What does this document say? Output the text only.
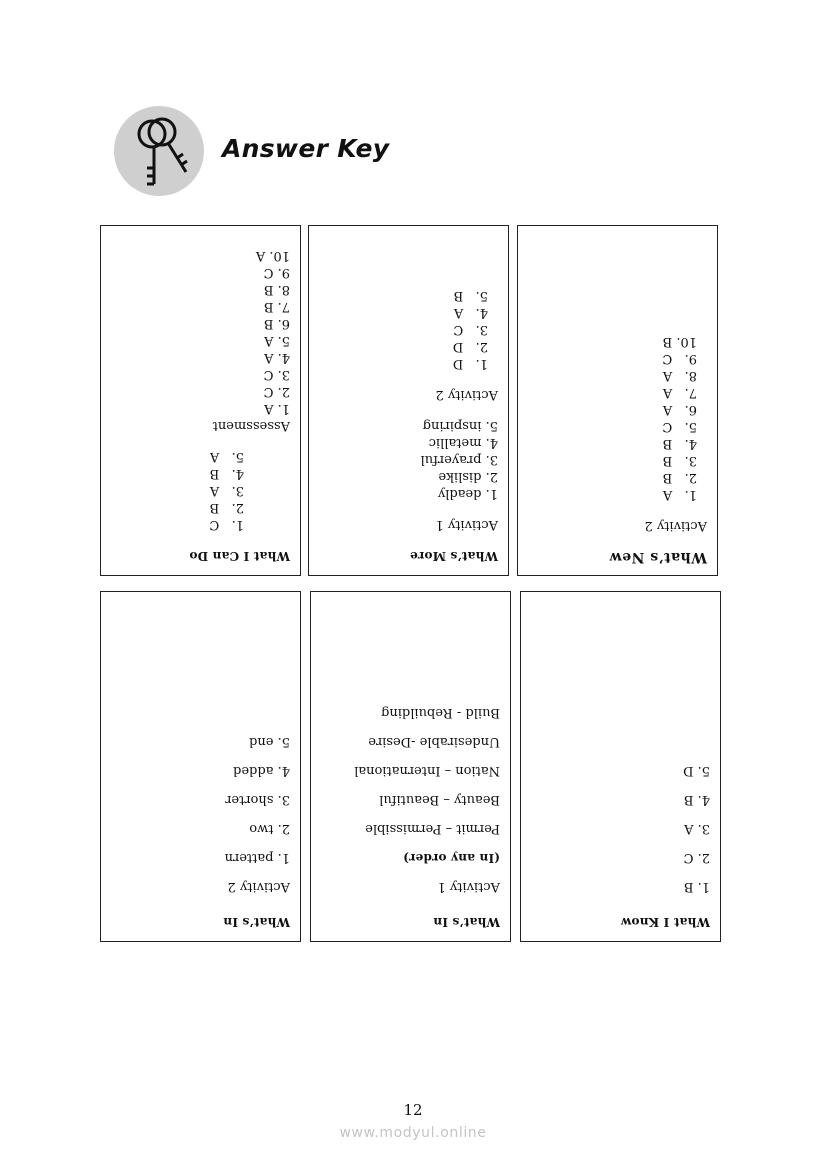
Answer Key
What I Can Do
1.   C
2.   B
3.   A
4.   B
5.   A
Assessment
1. A
2. C
3. C
4. A
5. A
6. B
7. B
8. B
9. C
10. A
What’s More
Activity 1
1. deadly
2. dislike
3. prayerful
4. metallic
5. inspiring
Activity 2
1.   D
2.   D
3.   C
4.   A
5.   B
What’s New
Activity 2
1.   A
2.   B
3.   B
4.   B
5.   C
6.   A
7.   A
8.   A
9.   C
10. B
What’s In
Activity 2
1. pattern
2. two
3. shorter
4. added
5. end
What’s In
Activity 1
(In any order)
Permit – Permissible
Beauty – Beautiful
Nation – International
Undesirable -Desire
Build - Rebuilding
What I Know
1. B
2. C
3. A
4. B
5. D
12
www.modyul.online
